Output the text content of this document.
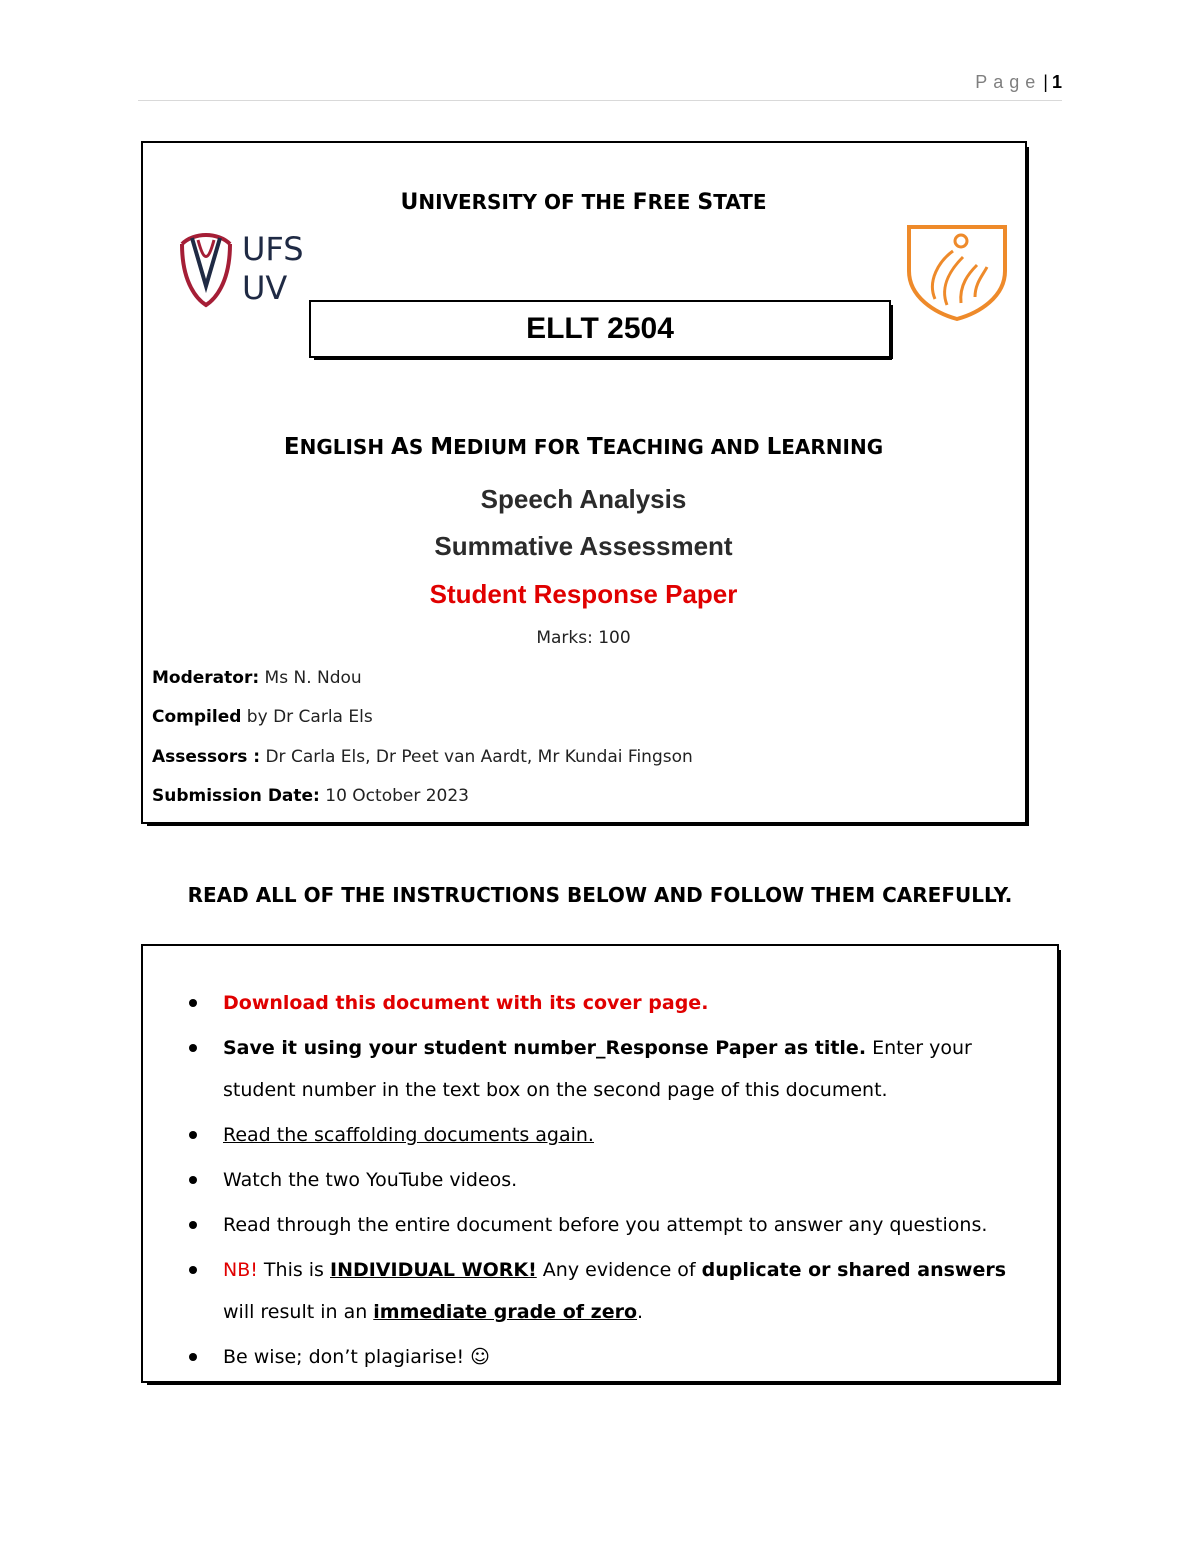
Page | 1
UNIVERSITY OF THE FREE STATE
UFS
UV
ELLT 2504
ENGLISH AS MEDIUM FOR TEACHING AND LEARNING
Speech Analysis
Summative Assessment
Student Response Paper
Marks: 100
Moderator: Ms N. Ndou
Compiled by Dr Carla Els
Assessors : Dr Carla Els, Dr Peet van Aardt, Mr Kundai Fingson
Submission Date: 10 October 2023
READ ALL OF THE INSTRUCTIONS BELOW AND FOLLOW THEM CAREFULLY.
Download this document with its cover page.
Save it using your student number_Response Paper as title. Enter your student number in the text box on the second page of this document.
Read the scaffolding documents again.
Watch the two YouTube videos.
Read through the entire document before you attempt to answer any questions.
NB! This is INDIVIDUAL WORK! Any evidence of duplicate or shared answers will result in an immediate grade of zero.
Be wise; don’t plagiarise! ☺
